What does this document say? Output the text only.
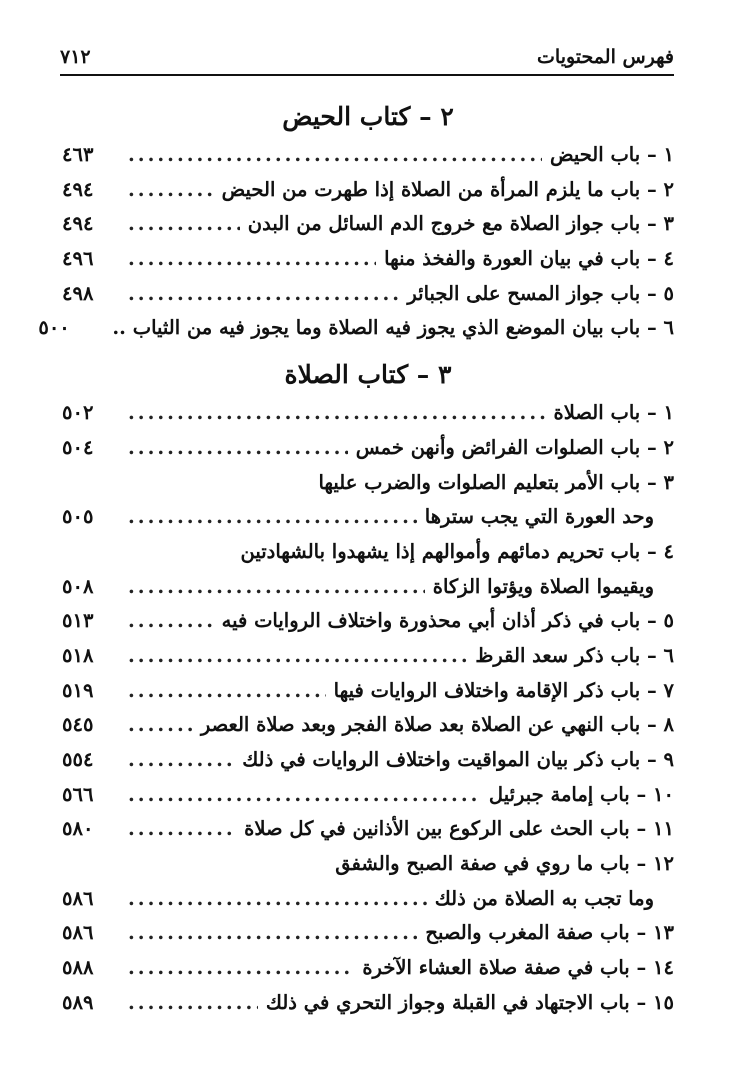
فهرس المحتويات
٧١٢
٢ – كتاب الحيض
١ – باب الحيض
.....
٤٦٣
٢ – باب ما يلزم المرأة من الصلاة إذا طهرت من الحيض
.....
٤٩٤
٣ – باب جواز الصلاة مع خروج الدم السائل من البدن
.....
٤٩٤
٤ – باب في بيان العورة والفخذ منها
.....
٤٩٦
٥ – باب جواز المسح على الجبائر
.....
٤٩٨
٦ – باب بيان الموضع الذي يجوز فيه الصلاة وما يجوز فيه من الثياب ..
٥٠٠
٣ – كتاب الصلاة
١ – باب الصلاة
.....
٥٠٢
٢ – باب الصلوات الفرائض وأنهن خمس
.....
٥٠٤
٣ – باب الأمر بتعليم الصلوات والضرب عليها
وحد العورة التي يجب سترها
.....
٥٠٥
٤ – باب تحريم دمائهم وأموالهم إذا يشهدوا بالشهادتين
ويقيموا الصلاة ويؤتوا الزكاة
.....
٥٠٨
٥ – باب في ذكر أذان أبي محذورة واختلاف الروايات فيه
.....
٥١٣
٦ – باب ذكر سعد القرظ
.....
٥١٨
٧ – باب ذكر الإقامة واختلاف الروايات فيها
.....
٥١٩
٨ – باب النهي عن الصلاة بعد صلاة الفجر وبعد صلاة العصر
.....
٥٤٥
٩ – باب ذكر بيان المواقيت واختلاف الروايات في ذلك
.....
٥٥٤
١٠ – باب إمامة جبرئيل
.....
٥٦٦
١١ – باب الحث على الركوع بين الأذانين في كل صلاة
.....
٥٨٠
١٢ – باب ما روي في صفة الصبح والشفق
وما تجب به الصلاة من ذلك
.....
٥٨٦
١٣ – باب صفة المغرب والصبح
.....
٥٨٦
١٤ – باب في صفة صلاة العشاء الآخرة
.....
٥٨٨
١٥ – باب الاجتهاد في القبلة وجواز التحري في ذلك
.....
٥٨٩
